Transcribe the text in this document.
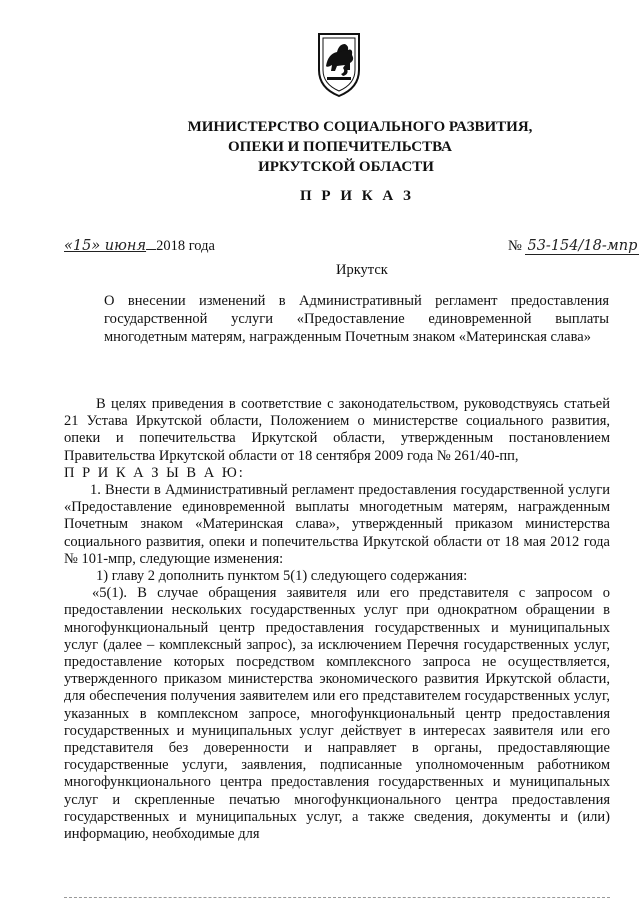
МИНИСТЕРСТВО СОЦИАЛЬНОГО РАЗВИТИЯ,
ОПЕКИ И ПОПЕЧИТЕЛЬСТВА
ИРКУТСКОЙ ОБЛАСТИ
П Р И К А З
«15» июня 2018 года	№ 53-154/18-мпр
Иркутск
О внесении изменений в Административный регламент предоставления государственной услуги «Предоставление единовременной выплаты многодетным матерям, награжденным Почетным знаком «Материнская слава»

В целях приведения в соответствие с законодательством, руководствуясь статьей 21 Устава Иркутской области, Положением о министерстве социального развития, опеки и попечительства Иркутской области, утвержденным постановлением Правительства Иркутской области от 18 сентября 2009 года № 261/40-пп,

П Р И К А З Ы В А Ю:

1. Внести в Административный регламент предоставления государственной услуги «Предоставление единовременной выплаты многодетным матерям, награжденным Почетным знаком «Материнская слава», утвержденный приказом министерства социального развития, опеки и попечительства Иркутской области от 18 мая 2012 года № 101-мпр, следующие изменения:

1) главу 2 дополнить пунктом 5(1) следующего содержания:

«5(1). В случае обращения заявителя или его представителя с запросом о предоставлении нескольких государственных услуг при однократном обращении в многофункциональный центр предоставления государственных и муниципальных услуг (далее – комплексный запрос), за исключением Перечня государственных услуг, предоставление которых посредством комплексного запроса не осуществляется, утвержденного приказом министерства экономического развития Иркутской области, для обеспечения получения заявителем или его представителем государственных услуг, указанных в комплексном запросе, многофункциональный центр предоставления государственных и муниципальных услуг действует в интересах заявителя или его представителя без доверенности и направляет в органы, предоставляющие государственные услуги, заявления, подписанные уполномоченным работником многофункционального центра предоставления государственных и муниципальных услуг и скрепленные печатью многофункционального центра предоставления государственных и муниципальных услуг, а также сведения, документы и (или) информацию, необходимые для
